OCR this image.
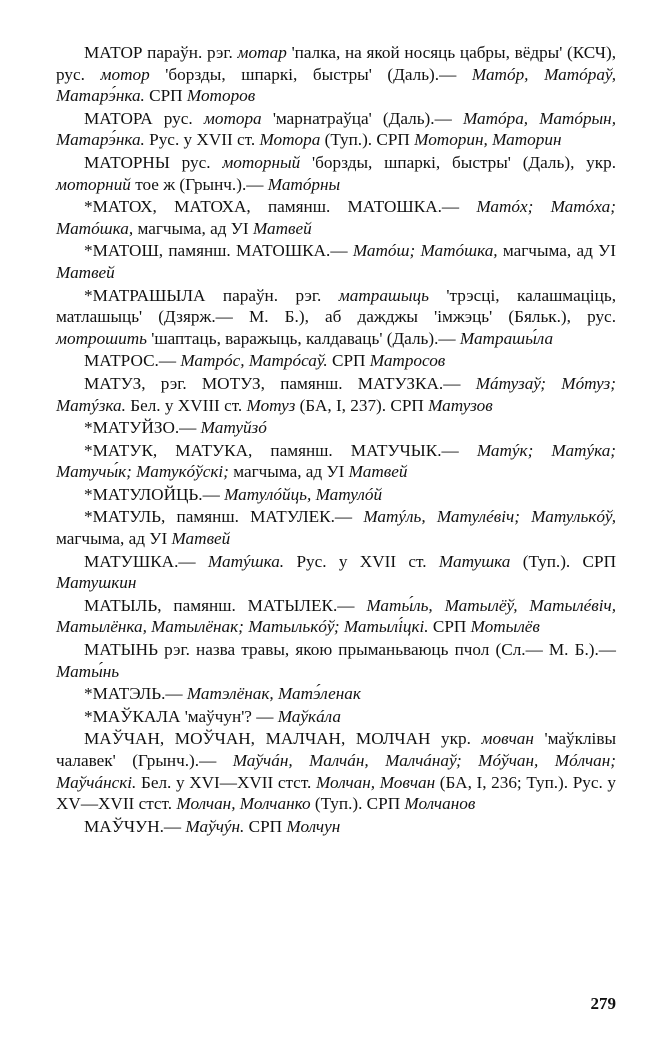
МАТОР параўн. рэг. мотар 'палка, на якой носяць цабры, вёдры' (КСЧ), рус. мотор 'борзды, шпаркі, быстры' (Даль).— Матóр, Матóраў, Матарэ́нка. СРП Моторов

МАТОРА рус. мотора 'марнатраўца' (Даль).— Матóра, Матóрын, Матарэ́нка. Рус. у XVII ст. Мотора (Туп.). СРП Моторин, Маторин

МАТОРНЫ рус. моторный 'борзды, шпаркі, быстры' (Даль), укр. моторний тое ж (Грынч.).— Матóрны

*МАТОХ, МАТОХА, памянш. МАТОШКА.— Матóх; Матóха; Матóшка, магчыма, ад УІ Матвей

*МАТОШ, памянш. МАТОШКА.— Матóш; Матóшка, магчыма, ад УІ Матвей

*МАТРАШЫЛА параўн. рэг. матрашыць 'трэсці, калашмаціць, матлашыць' (Дзярж.— М. Б.), аб дажджы 'імжэць' (Бяльк.), рус. мотрошить 'шаптаць, варажыць, калдаваць' (Даль).— Матрашы́ла

МАТРОС.— Матрóс, Матрóсаў. СРП Матросов

МАТУЗ, рэг. МОТУЗ, памянш. МАТУЗКА.— Мáтузаў; Мóтуз; Матýзка. Бел. у XVIII ст. Мотуз (БА, І, 237). СРП Матузов

*МАТУЙЗО.— Матуйзó

*МАТУК, МАТУКА, памянш. МАТУЧЫК.— Матýк; Матýка; Матучы́к; Матукóўскі; магчыма, ад УІ Матвей

*МАТУЛОЙЦЬ.— Матулóйць, Матулóй

*МАТУЛЬ, памянш. МАТУЛЕК.— Матýль, Матулéвіч; Матулькóў, магчыма, ад УІ Матвей

МАТУШКА.— Матýшка. Рус. у XVII ст. Матушка (Туп.). СРП Матушкин

МАТЫЛЬ, памянш. МАТЫЛЕК.— Маты́ль, Матылёў, Матылéвіч, Матылёнка, Матылёнак; Матылькóў; Матылі́цкі. СРП Мотылёв

МАТЫНЬ рэг. назва травы, якою прыманьваюць пчол (Сл.— М. Б.).— Маты́нь

*МАТЭЛЬ.— Матэлёнак, Матэ́ленак

*МАЎКАЛА 'маўчун'? — Маўкáла

МАЎЧАН, МОЎЧАН, МАЛЧАН, МОЛЧАН укр. мовчан 'маўклівы чалавек' (Грынч.).— Маўчáн, Малчáн, Малчáнаў; Мóўчан, Мóлчан; Маўчáнскі. Бел. у XVI—XVII стст. Молчан, Мовчан (БА, І, 236; Туп.). Рус. у XV—XVII стст. Молчан, Молчанко (Туп.). СРП Молчанов

МАЎЧУН.— Маўчýн. СРП Молчун

279
